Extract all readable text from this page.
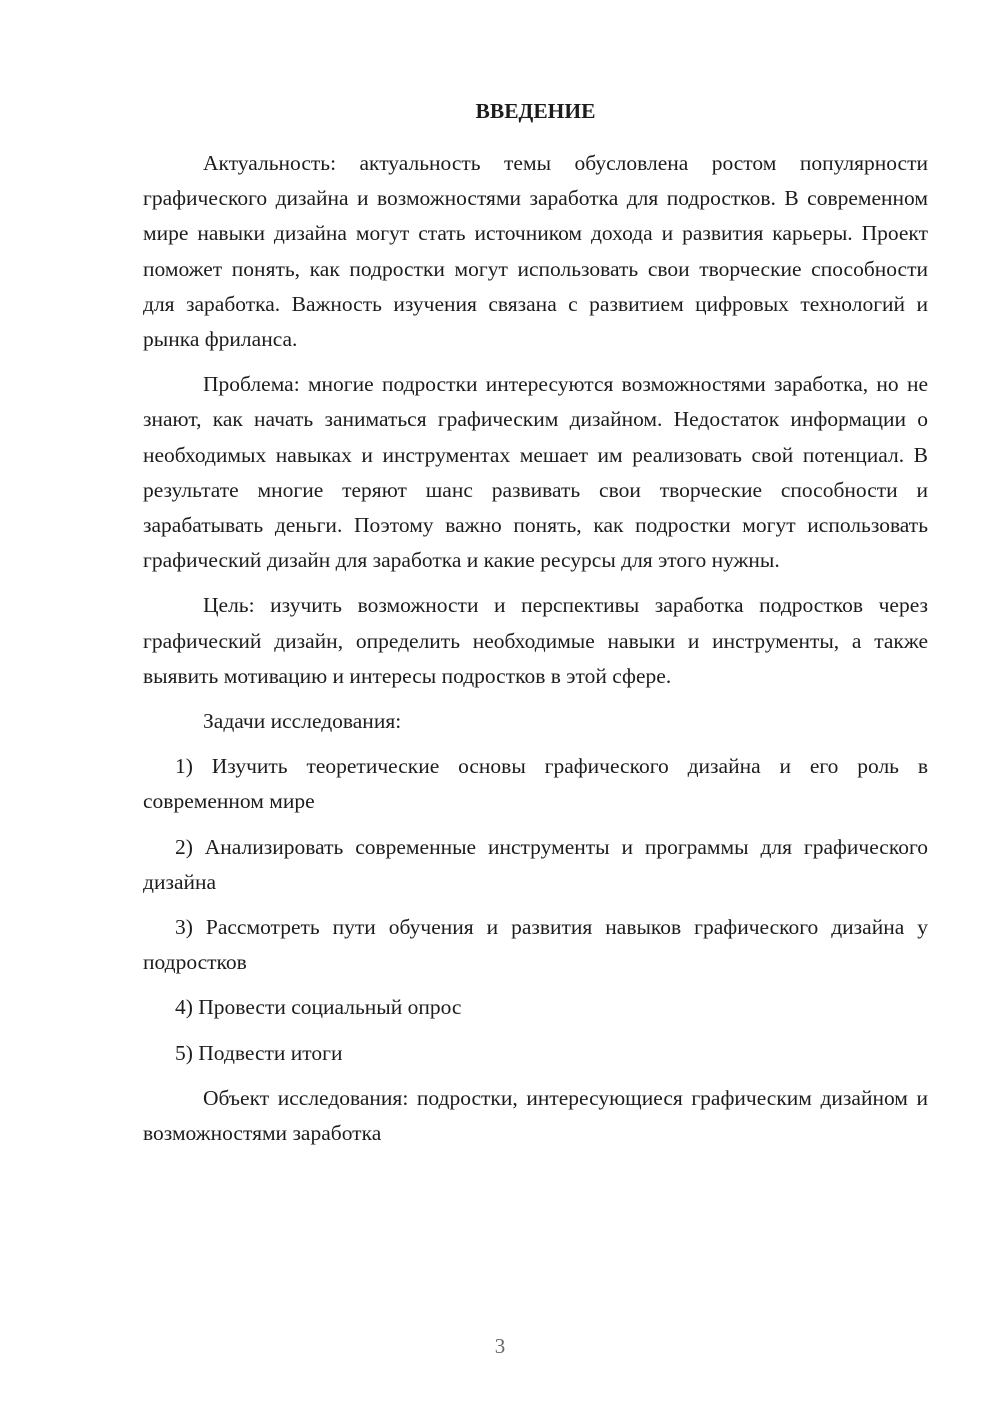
ВВЕДЕНИЕ

Актуальность: актуальность темы обусловлена ростом популярности графического дизайна и возможностями заработка для подростков. В современном мире навыки дизайна могут стать источником дохода и развития карьеры. Проект поможет понять, как подростки могут использовать свои творческие способности для заработка. Важность изучения связана с развитием цифровых технологий и рынка фриланса.

Проблема: многие подростки интересуются возможностями заработка, но не знают, как начать заниматься графическим дизайном. Недостаток информации о необходимых навыках и инструментах мешает им реализовать свой потенциал. В результате многие теряют шанс развивать свои творческие способности и зарабатывать деньги. Поэтому важно понять, как подростки могут использовать графический дизайн для заработка и какие ресурсы для этого нужны.

Цель: изучить возможности и перспективы заработка подростков через графический дизайн, определить необходимые навыки и инструменты, а также выявить мотивацию и интересы подростков в этой сфере.

Задачи исследования:

1) Изучить теоретические основы графического дизайна и его роль в современном мире

2) Анализировать современные инструменты и программы для графического дизайна

3) Рассмотреть пути обучения и развития навыков графического дизайна у подростков

4) Провести социальный опрос

5) Подвести итоги

Объект исследования: подростки, интересующиеся графическим дизайном и возможностями заработка

3
